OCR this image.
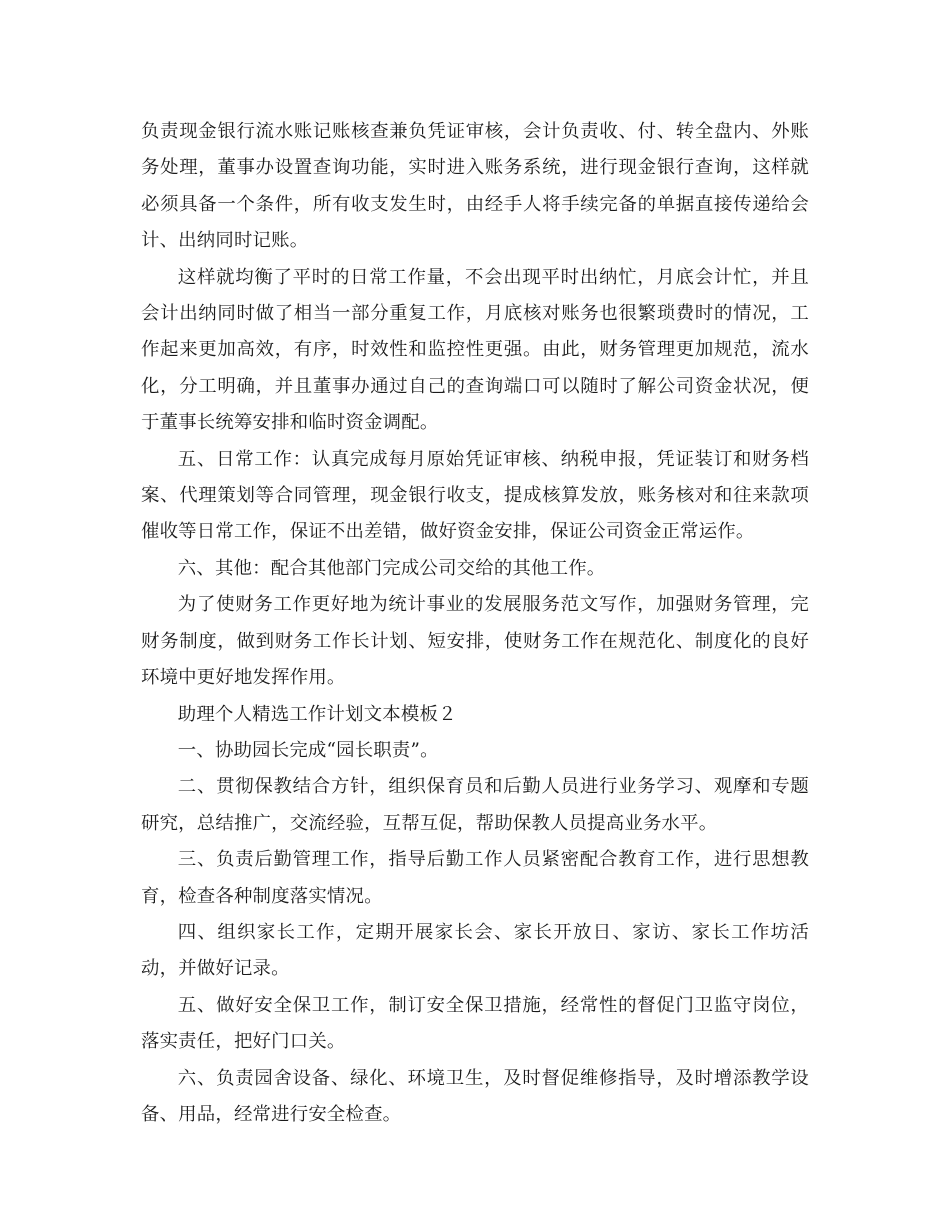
负责现金银行流水账记账核查兼负凭证审核，会计负责收、付、转全盘内、外账务处理，董事办设置查询功能，实时进入账务系统，进行现金银行查询，这样就必须具备一个条件，所有收支发生时，由经手人将手续完备的单据直接传递给会计、出纳同时记账。

这样就均衡了平时的日常工作量，不会出现平时出纳忙，月底会计忙，并且会计出纳同时做了相当一部分重复工作，月底核对账务也很繁琐费时的情况，工作起来更加高效，有序，时效性和监控性更强。由此，财务管理更加规范，流水化，分工明确，并且董事办通过自己的查询端口可以随时了解公司资金状况，便于董事长统筹安排和临时资金调配。

五、日常工作：认真完成每月原始凭证审核、纳税申报，凭证装订和财务档案、代理策划等合同管理，现金银行收支，提成核算发放，账务核对和往来款项催收等日常工作，保证不出差错，做好资金安排，保证公司资金正常运作。

六、其他：配合其他部门完成公司交给的其他工作。

为了使财务工作更好地为统计事业的发展服务范文写作，加强财务管理，完财务制度，做到财务工作长计划、短安排，使财务工作在规范化、制度化的良好环境中更好地发挥作用。

助理个人精选工作计划文本模板２

一、协助园长完成“园长职责”。

二、贯彻保教结合方针，组织保育员和后勤人员进行业务学习、观摩和专题研究，总结推广，交流经验，互帮互促，帮助保教人员提高业务水平。

三、负责后勤管理工作，指导后勤工作人员紧密配合教育工作，进行思想教育，检查各种制度落实情况。

四、组织家长工作，定期开展家长会、家长开放日、家访、家长工作坊活动，并做好记录。

五、做好安全保卫工作，制订安全保卫措施，经常性的督促门卫监守岗位，落实责任，把好门口关。

六、负责园舍设备、绿化、环境卫生，及时督促维修指导，及时增添教学设备、用品，经常进行安全检查。
